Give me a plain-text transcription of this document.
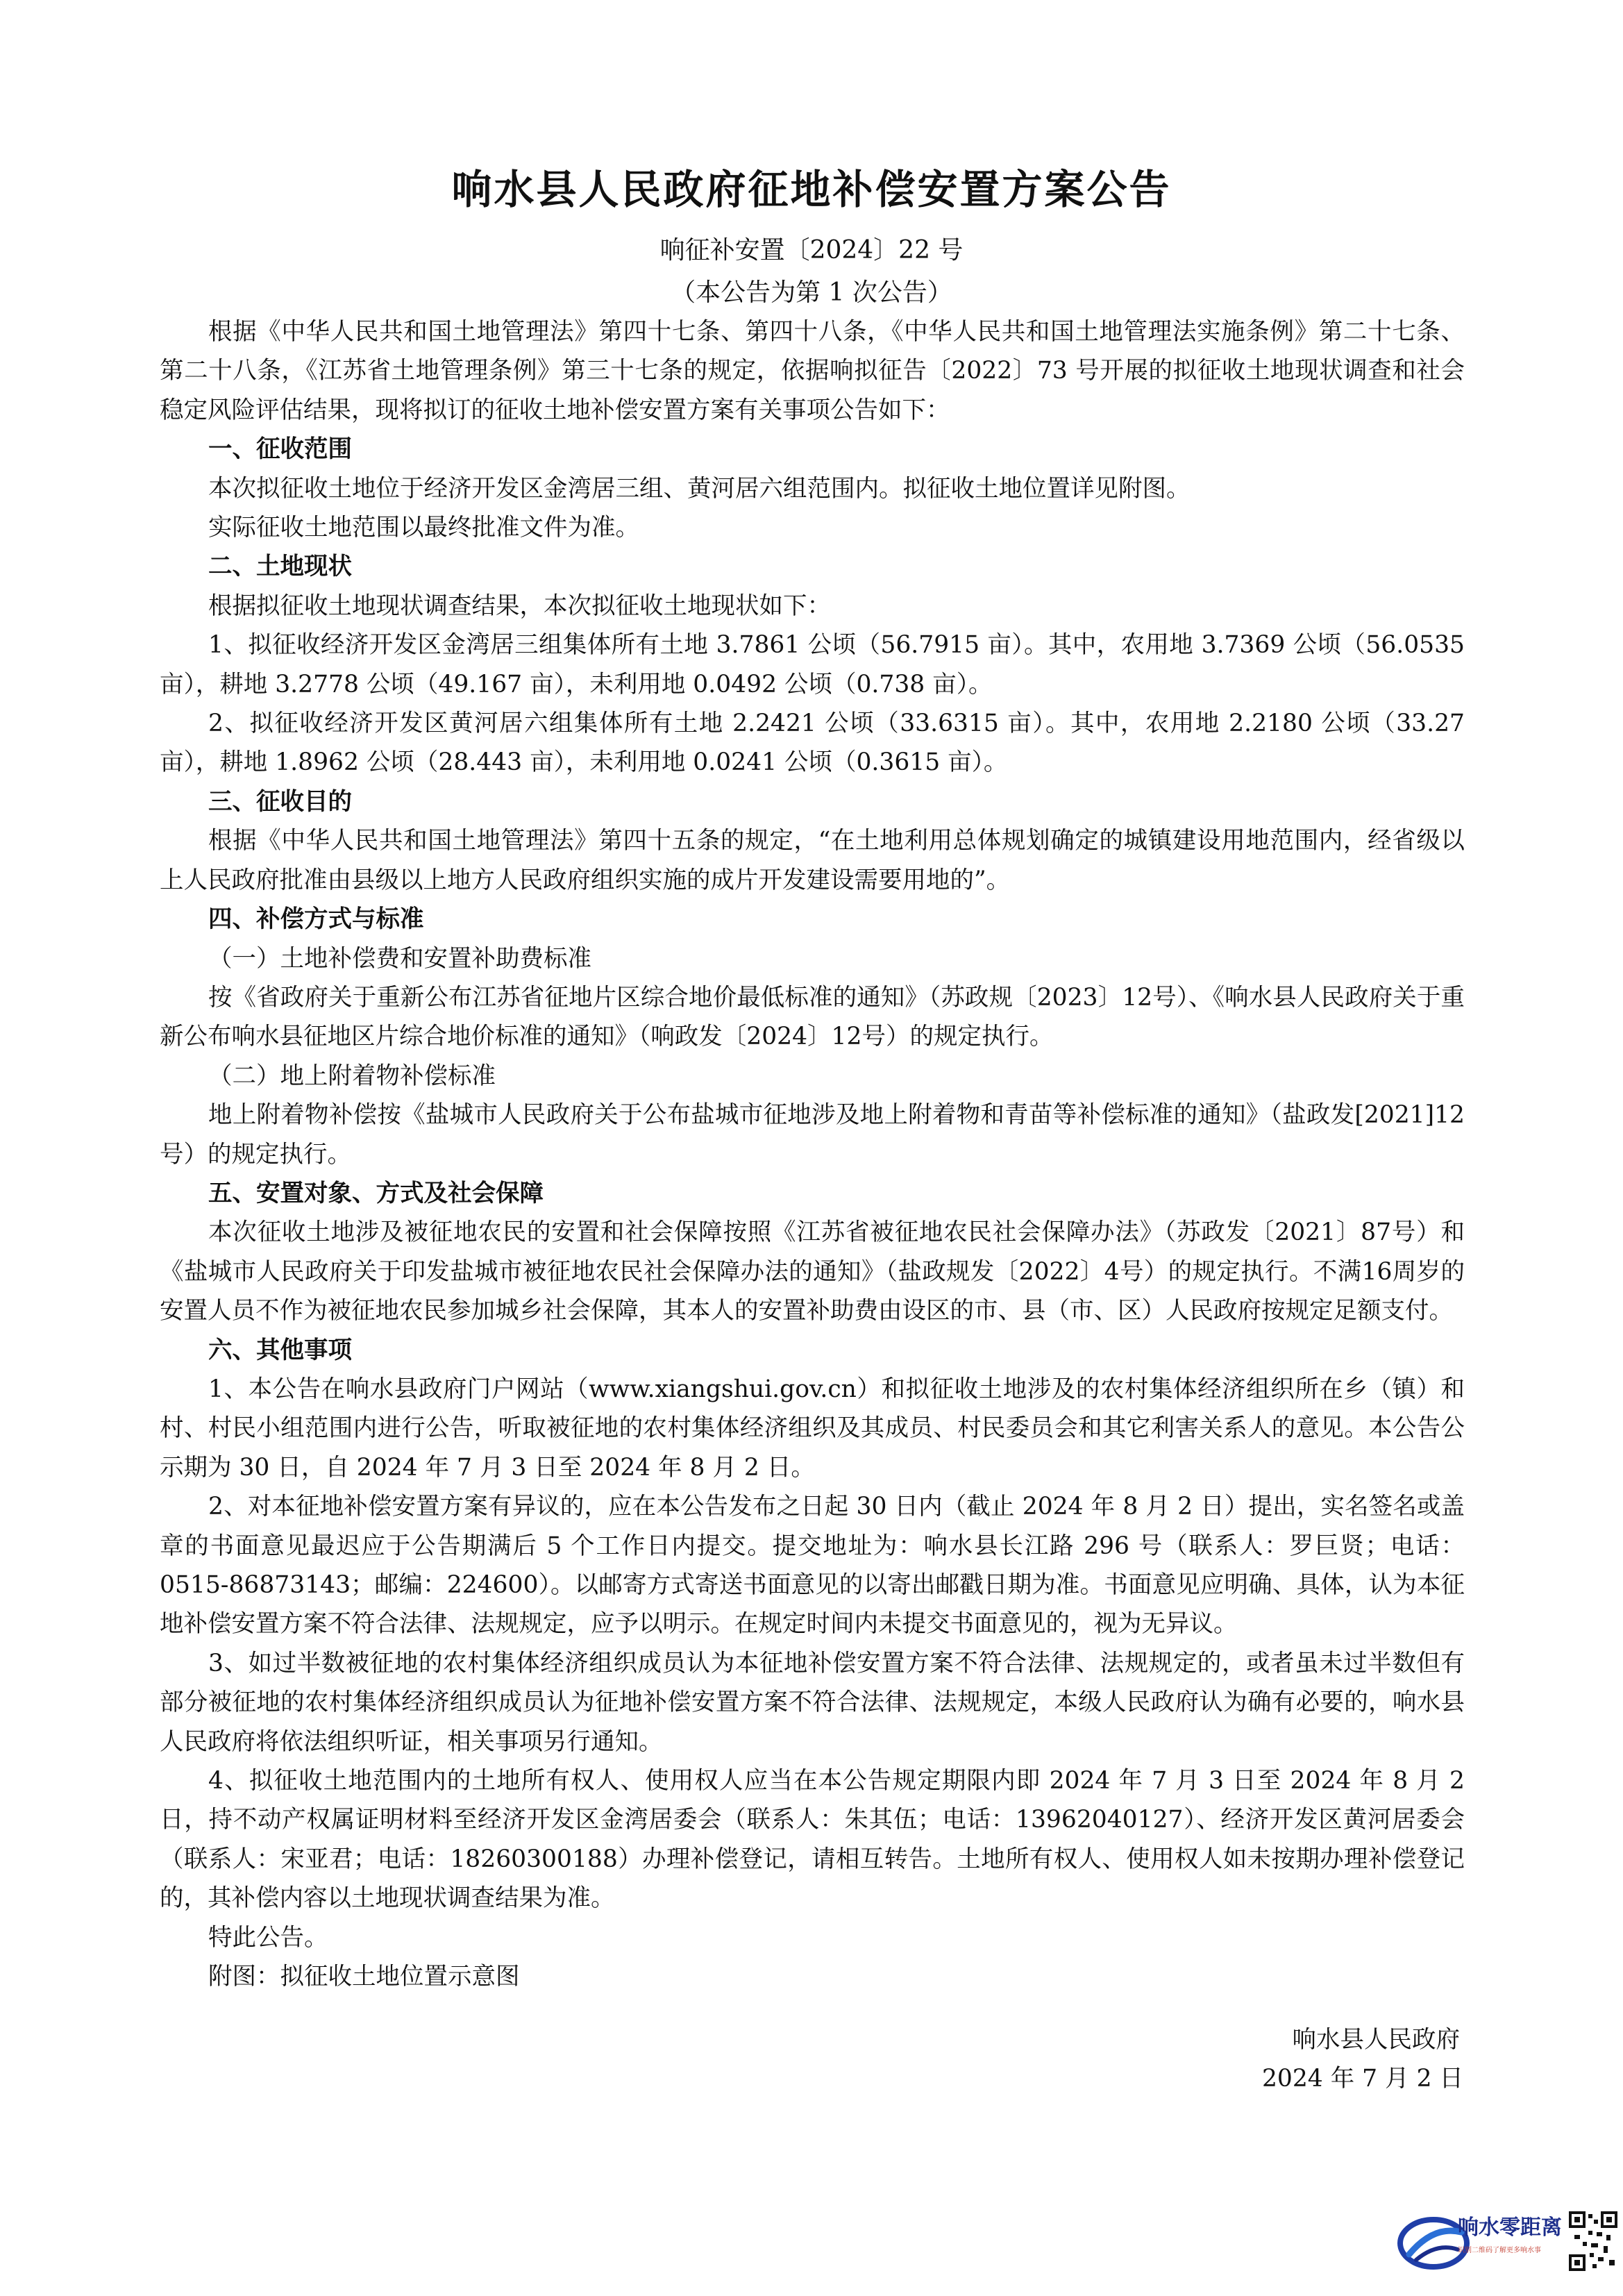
响水县人民政府征地补偿安置方案公告
响征补安置〔2024〕22 号
（本公告为第 1 次公告）

根据《中华人民共和国土地管理法》第四十七条、第四十八条，《中华人民共和国土地管理法实施条例》第二十七条、第二十八条，《江苏省土地管理条例》第三十七条的规定，依据响拟征告〔2022〕73 号开展的拟征收土地现状调查和社会稳定风险评估结果，现将拟订的征收土地补偿安置方案有关事项公告如下：

一、征收范围

本次拟征收土地位于经济开发区金湾居三组、黄河居六组范围内。拟征收土地位置详见附图。

实际征收土地范围以最终批准文件为准。

二、土地现状

根据拟征收土地现状调查结果，本次拟征收土地现状如下：

1、拟征收经济开发区金湾居三组集体所有土地 3.7861 公顷（56.7915 亩）。其中，农用地 3.7369 公顷（56.0535 亩），耕地 3.2778 公顷（49.167 亩），未利用地 0.0492 公顷（0.738 亩）。

2、拟征收经济开发区黄河居六组集体所有土地 2.2421 公顷（33.6315 亩）。其中，农用地 2.2180 公顷（33.27 亩），耕地 1.8962 公顷（28.443 亩），未利用地 0.0241 公顷（0.3615 亩）。

三、征收目的

根据《中华人民共和国土地管理法》第四十五条的规定，“在土地利用总体规划确定的城镇建设用地范围内，经省级以上人民政府批准由县级以上地方人民政府组织实施的成片开发建设需要用地的”。

四、补偿方式与标准

（一）土地补偿费和安置补助费标准

按《省政府关于重新公布江苏省征地片区综合地价最低标准的通知》（苏政规〔2023〕12号）、《响水县人民政府关于重新公布响水县征地区片综合地价标准的通知》（响政发〔2024〕12号）的规定执行。

（二）地上附着物补偿标准

地上附着物补偿按《盐城市人民政府关于公布盐城市征地涉及地上附着物和青苗等补偿标准的通知》（盐政发[2021]12号）的规定执行。

五、安置对象、方式及社会保障

本次征收土地涉及被征地农民的安置和社会保障按照《江苏省被征地农民社会保障办法》（苏政发〔2021〕87号）和《盐城市人民政府关于印发盐城市被征地农民社会保障办法的通知》（盐政规发〔2022〕4号）的规定执行。不满16周岁的安置人员不作为被征地农民参加城乡社会保障，其本人的安置补助费由设区的市、县（市、区）人民政府按规定足额支付。

六、其他事项

1、本公告在响水县政府门户网站（www.xiangshui.gov.cn）和拟征收土地涉及的农村集体经济组织所在乡（镇）和村、村民小组范围内进行公告，听取被征地的农村集体经济组织及其成员、村民委员会和其它利害关系人的意见。本公告公示期为 30 日，自 2024 年 7 月 3 日至 2024 年 8 月 2 日。

2、对本征地补偿安置方案有异议的，应在本公告发布之日起 30 日内（截止 2024 年 8 月 2 日）提出，实名签名或盖章的书面意见最迟应于公告期满后 5 个工作日内提交。提交地址为：响水县长江路 296 号（联系人：罗巨贤；电话：0515-86873143；邮编：224600）。以邮寄方式寄送书面意见的以寄出邮戳日期为准。书面意见应明确、具体，认为本征地补偿安置方案不符合法律、法规规定，应予以明示。在规定时间内未提交书面意见的，视为无异议。

3、如过半数被征地的农村集体经济组织成员认为本征地补偿安置方案不符合法律、法规规定的，或者虽未过半数但有部分被征地的农村集体经济组织成员认为征地补偿安置方案不符合法律、法规规定，本级人民政府认为确有必要的，响水县人民政府将依法组织听证，相关事项另行通知。

4、拟征收土地范围内的土地所有权人、使用权人应当在本公告规定期限内即 2024 年 7 月 3 日至 2024 年 8 月 2 日，持不动产权属证明材料至经济开发区金湾居委会（联系人：朱其伍；电话：13962040127）、经济开发区黄河居委会（联系人：宋亚君；电话：18260300188）办理补偿登记，请相互转告。土地所有权人、使用权人如未按期办理补偿登记的，其补偿内容以土地现状调查结果为准。

特此公告。

附图：拟征收土地位置示意图

响水县人民政府
2024 年 7 月 2 日
响水零距离
识别二维码了解更多响水事
